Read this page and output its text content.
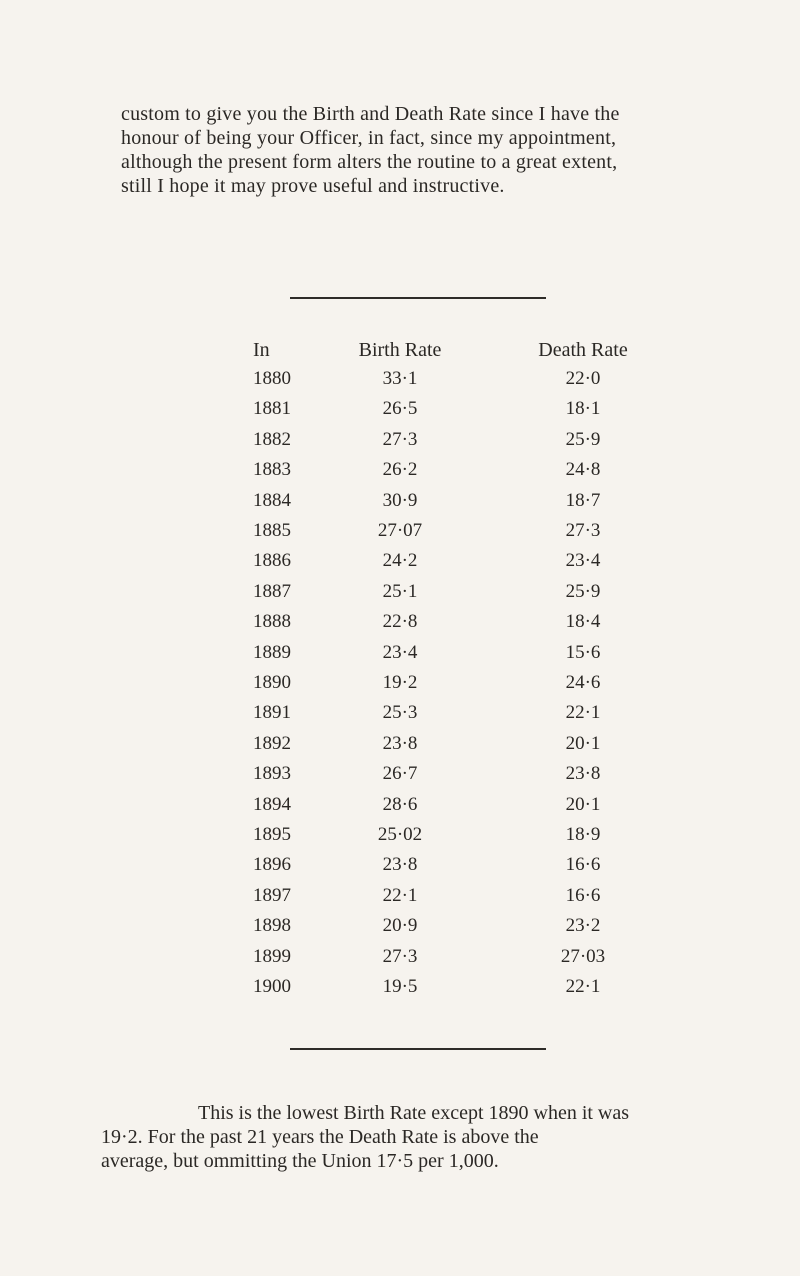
custom to give you the Birth and Death Rate since I have the

honour of being your Officer, in fact, since my appointment,

although the present form alters the routine to a great extent,

still I hope it may prove useful and instructive.

In	Birth Rate	Death Rate
1880	33·1	22·0
1881	26·5	18·1
1882	27·3	25·9
1883	26·2	24·8
1884	30·9	18·7
1885	27·07	27·3
1886	24·2	23·4
1887	25·1	25·9
1888	22·8	18·4
1889	23·4	15·6
1890	19·2	24·6
1891	25·3	22·1
1892	23·8	20·1
1893	26·7	23·8
1894	28·6	20·1
1895	25·02	18·9
1896	23·8	16·6
1897	22·1	16·6
1898	20·9	23·2
1899	27·3	27·03
1900	19·5	22·1

This is the lowest Birth Rate except 1890 when it was

19·2. For the past 21 years the Death Rate is above the

average, but ommitting the Union 17·5 per 1,000.
